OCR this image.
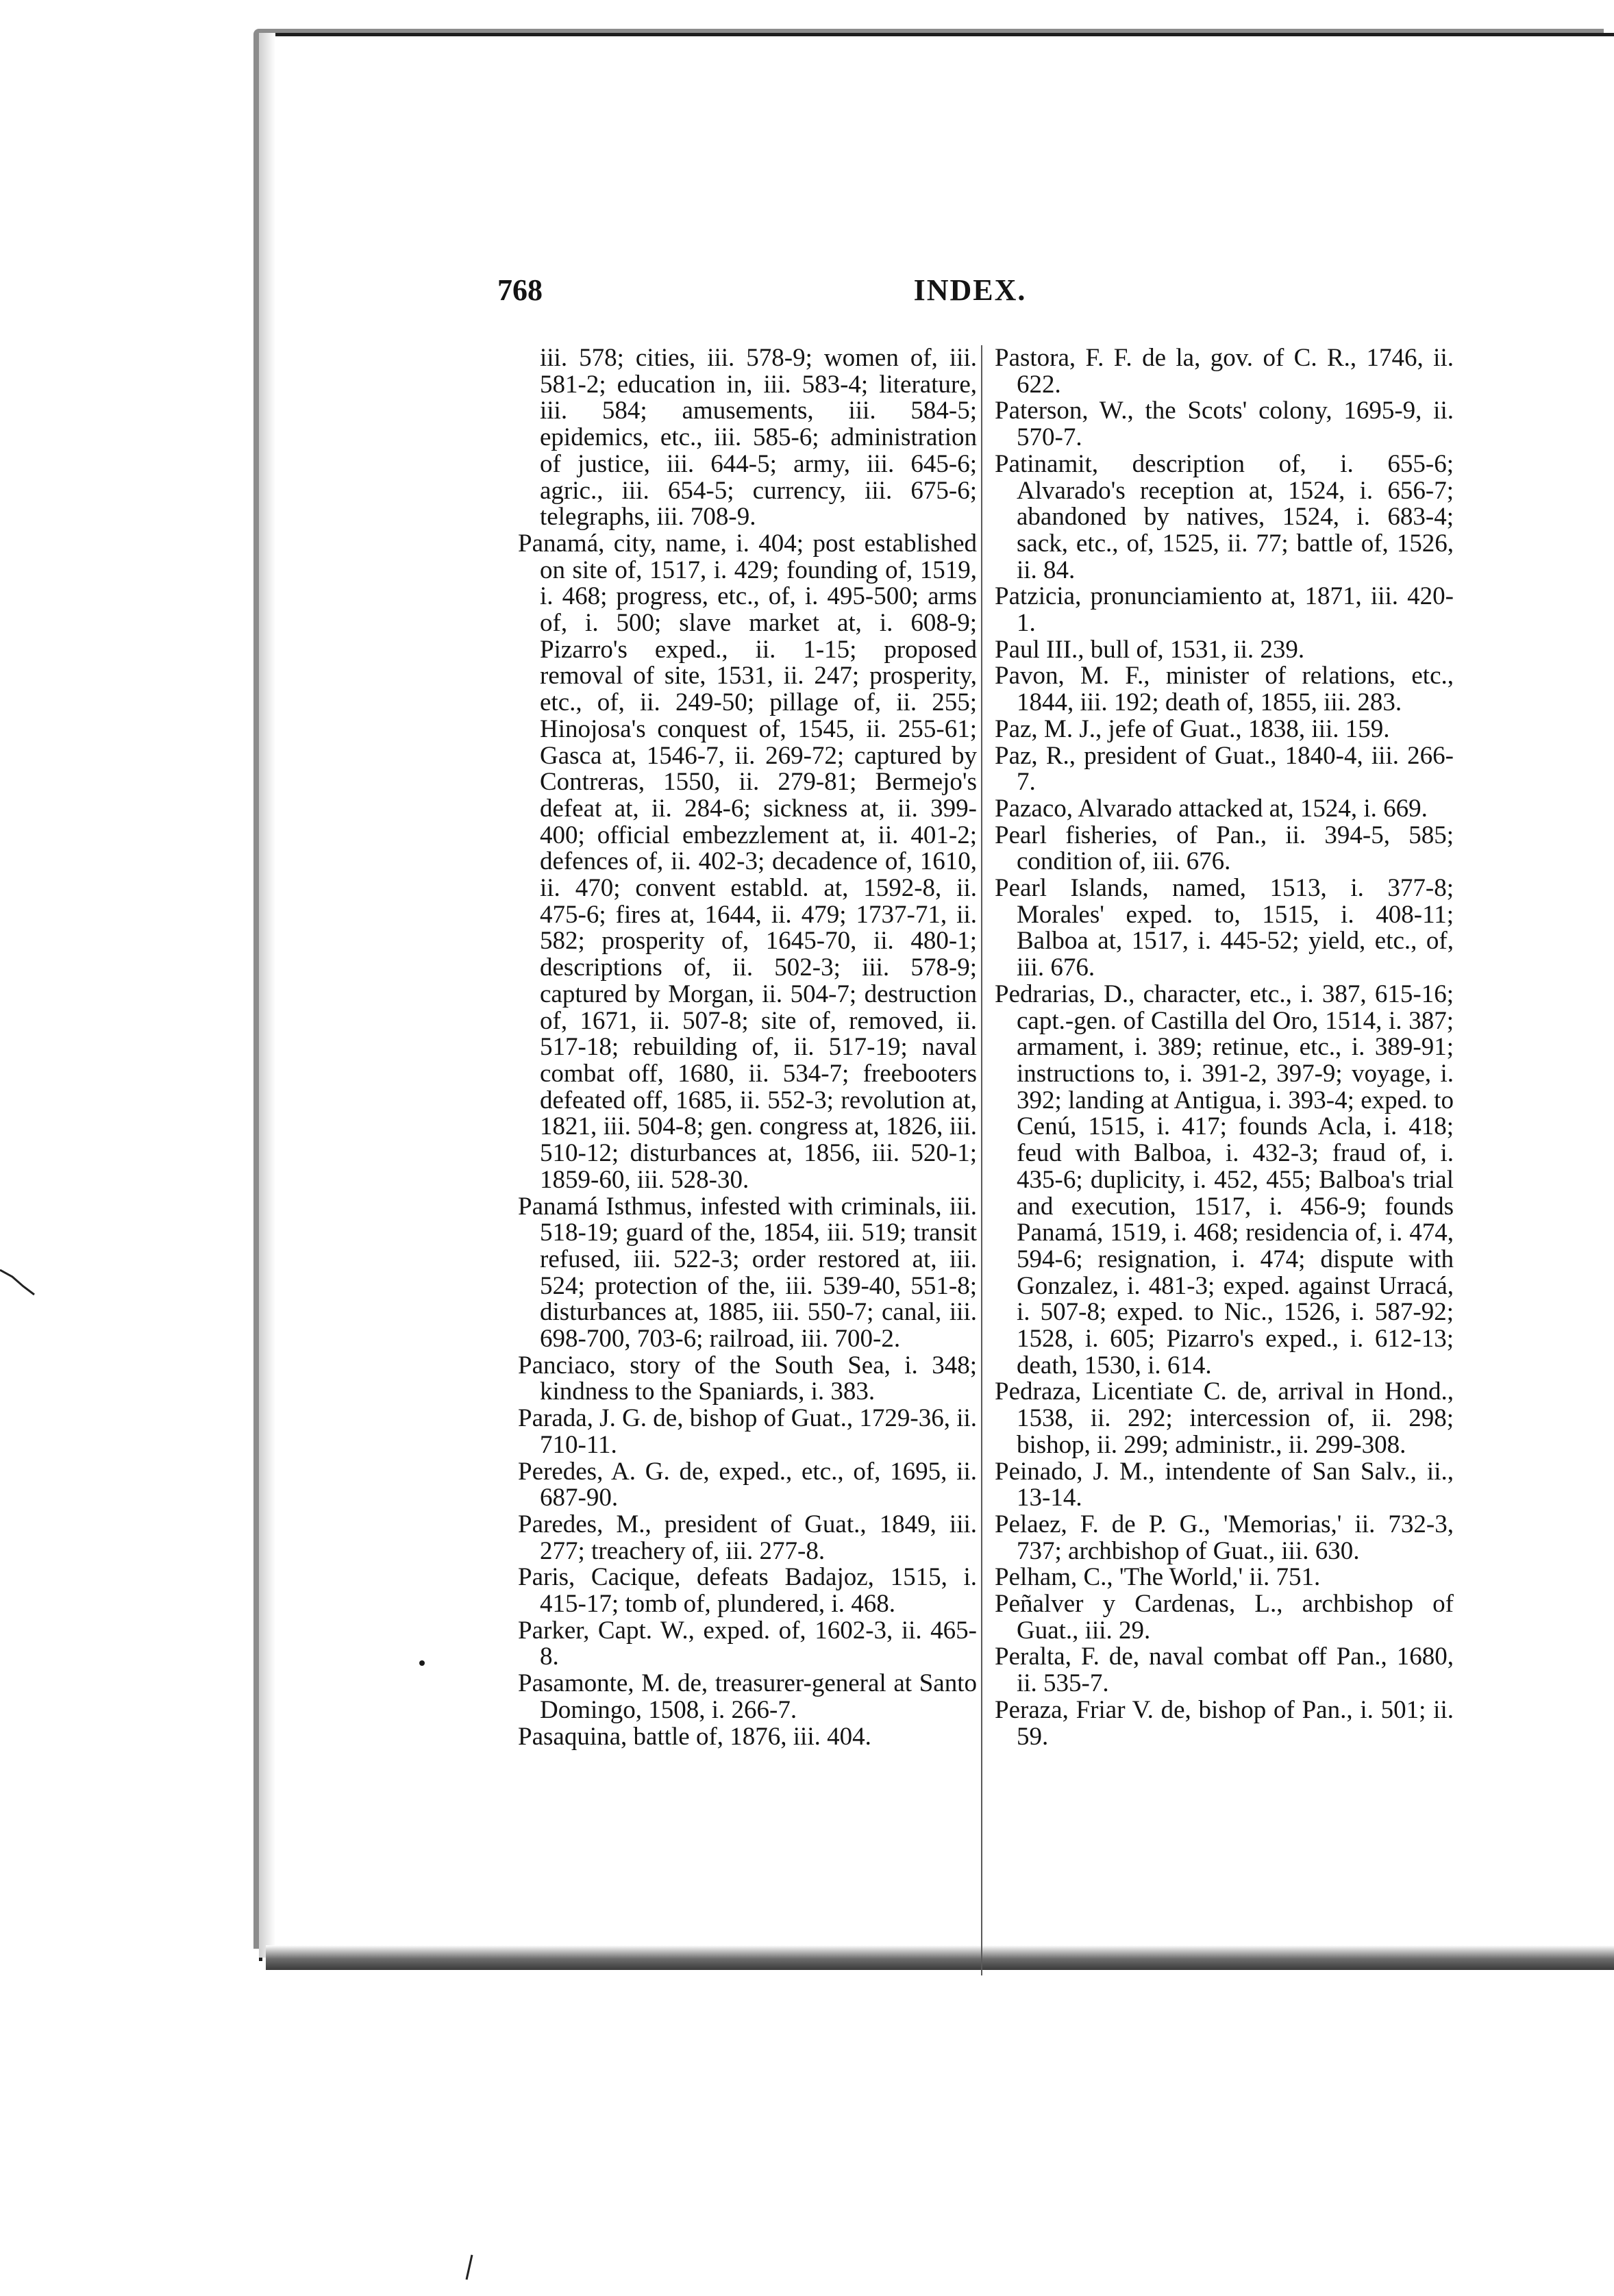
768	INDEX.

iii. 578; cities, iii. 578-9; women of, iii. 581-2; education in, iii. 583-4; literature, iii. 584; amusements, iii. 584-5; epidemics, etc., iii. 585-6; administration of justice, iii. 644-5; army, iii. 645-6; agric., iii. 654-5; currency, iii. 675-6; telegraphs, iii. 708-9.

Panamá, city, name, i. 404; post established on site of, 1517, i. 429; founding of, 1519, i. 468; progress, etc., of, i. 495-500; arms of, i. 500; slave market at, i. 608-9; Pizarro's exped., ii. 1-15; proposed removal of site, 1531, ii. 247; prosperity, etc., of, ii. 249-50; pillage of, ii. 255; Hinojosa's conquest of, 1545, ii. 255-61; Gasca at, 1546-7, ii. 269-72; captured by Contreras, 1550, ii. 279-81; Bermejo's defeat at, ii. 284-6; sickness at, ii. 399-400; official embezzlement at, ii. 401-2; defences of, ii. 402-3; decadence of, 1610, ii. 470; convent establd. at, 1592-8, ii. 475-6; fires at, 1644, ii. 479; 1737-71, ii. 582; prosperity of, 1645-70, ii. 480-1; descriptions of, ii. 502-3; iii. 578-9; captured by Morgan, ii. 504-7; destruction of, 1671, ii. 507-8; site of, removed, ii. 517-18; rebuilding of, ii. 517-19; naval combat off, 1680, ii. 534-7; freebooters defeated off, 1685, ii. 552-3; revolution at, 1821, iii. 504-8; gen. congress at, 1826, iii. 510-12; disturbances at, 1856, iii. 520-1; 1859-60, iii. 528-30.

Panamá Isthmus, infested with criminals, iii. 518-19; guard of the, 1854, iii. 519; transit refused, iii. 522-3; order restored at, iii. 524; protection of the, iii. 539-40, 551-8; disturbances at, 1885, iii. 550-7; canal, iii. 698-700, 703-6; railroad, iii. 700-2.

Panciaco, story of the South Sea, i. 348; kindness to the Spaniards, i. 383.

Parada, J. G. de, bishop of Guat., 1729-36, ii. 710-11.

Peredes, A. G. de, exped., etc., of, 1695, ii. 687-90.

Paredes, M., president of Guat., 1849, iii. 277; treachery of, iii. 277-8.

Paris, Cacique, defeats Badajoz, 1515, i. 415-17; tomb of, plundered, i. 468.

Parker, Capt. W., exped. of, 1602-3, ii. 465-8.

Pasamonte, M. de, treasurer-general at Santo Domingo, 1508, i. 266-7.

Pasaquina, battle of, 1876, iii. 404.

Pastora, F. F. de la, gov. of C. R., 1746, ii. 622.

Paterson, W., the Scots' colony, 1695-9, ii. 570-7.

Patinamit, description of, i. 655-6; Alvarado's reception at, 1524, i. 656-7; abandoned by natives, 1524, i. 683-4; sack, etc., of, 1525, ii. 77; battle of, 1526, ii. 84.

Patzicia, pronunciamiento at, 1871, iii. 420-1.

Paul III., bull of, 1531, ii. 239.

Pavon, M. F., minister of relations, etc., 1844, iii. 192; death of, 1855, iii. 283.

Paz, M. J., jefe of Guat., 1838, iii. 159.

Paz, R., president of Guat., 1840-4, iii. 266-7.

Pazaco, Alvarado attacked at, 1524, i. 669.

Pearl fisheries, of Pan., ii. 394-5, 585; condition of, iii. 676.

Pearl Islands, named, 1513, i. 377-8; Morales' exped. to, 1515, i. 408-11; Balboa at, 1517, i. 445-52; yield, etc., of, iii. 676.

Pedrarias, D., character, etc., i. 387, 615-16; capt.-gen. of Castilla del Oro, 1514, i. 387; armament, i. 389; retinue, etc., i. 389-91; instructions to, i. 391-2, 397-9; voyage, i. 392; landing at Antigua, i. 393-4; exped. to Cenú, 1515, i. 417; founds Acla, i. 418; feud with Balboa, i. 432-3; fraud of, i. 435-6; duplicity, i. 452, 455; Balboa's trial and execution, 1517, i. 456-9; founds Panamá, 1519, i. 468; residencia of, i. 474, 594-6; resignation, i. 474; dispute with Gonzalez, i. 481-3; exped. against Urracá, i. 507-8; exped. to Nic., 1526, i. 587-92; 1528, i. 605; Pizarro's exped., i. 612-13; death, 1530, i. 614.

Pedraza, Licentiate C. de, arrival in Hond., 1538, ii. 292; intercession of, ii. 298; bishop, ii. 299; administr., ii. 299-308.

Peinado, J. M., intendente of San Salv., ii., 13-14.

Pelaez, F. de P. G., 'Memorias,' ii. 732-3, 737; archbishop of Guat., iii. 630.

Pelham, C., 'The World,' ii. 751.

Peñalver y Cardenas, L., archbishop of Guat., iii. 29.

Peralta, F. de, naval combat off Pan., 1680, ii. 535-7.

Peraza, Friar V. de, bishop of Pan., i. 501; ii. 59.
